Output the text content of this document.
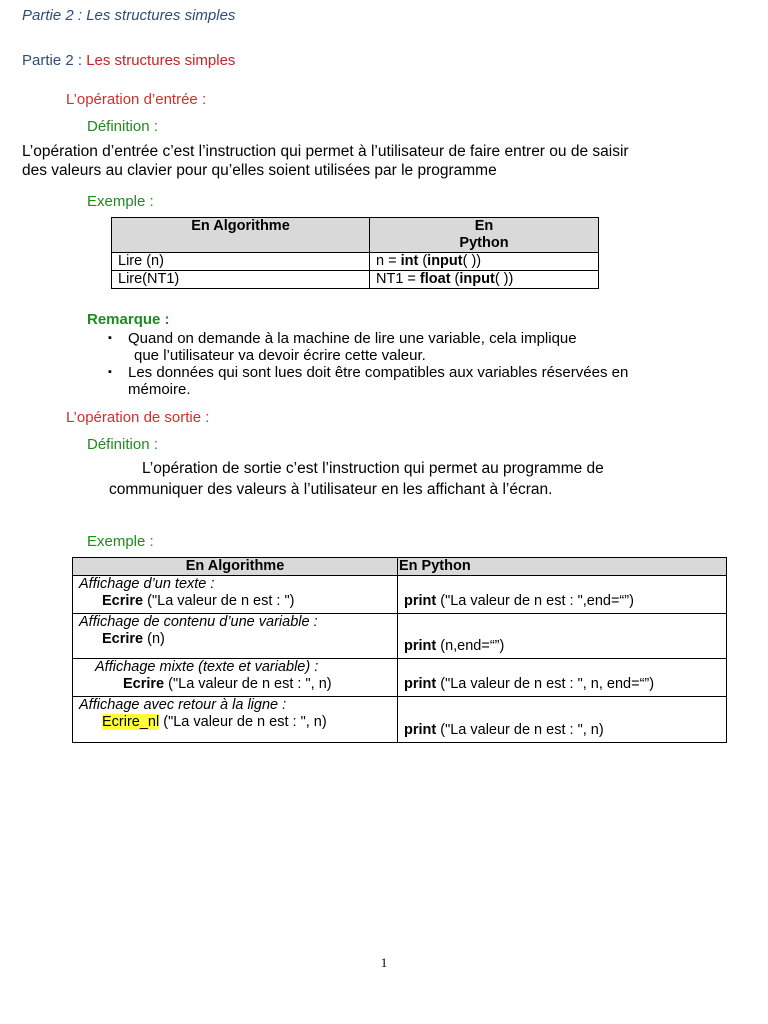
Partie 2 : Les structures simples
Partie 2 : Les structures simples
L’opération d’entrée :
Définition :
L’opération d’entrée c’est l’instruction qui permet à l’utilisateur de faire entrer ou de saisir
des valeurs au clavier pour qu’elles soient utilisées par le programme
Exemple :
En Algorithme	En
Python

Lire (n)	n = int (input( ))
Lire(NT1)	NT1 = float (input( ))
Remarque :
▪ Quand on demande à la machine de lire une variable, cela implique
que l’utilisateur va devoir écrire cette valeur.
▪ Les données qui sont lues doit être compatibles aux variables réservées en
mémoire.
L’opération de sortie :
Définition :
L’opération de sortie c’est l’instruction qui permet au programme de
communiquer des valeurs à l’utilisateur en les affichant à l’écran.
Exemple :
En Algorithme	En Python

Affichage d’un texte :
Ecrire ("La valeur de n est : ")	print ("La valeur de n est : ",end=“”)

Affichage de contenu d’une variable :
Ecrire (n)	print (n,end=“”)

Affichage mixte (texte et variable) :
Ecrire ("La valeur de n est : ", n)	print ("La valeur de n est : ", n, end=“”)

Affichage avec retour à la ligne :
Ecrire_nl ("La valeur de n est : ", n)	print ("La valeur de n est : ", n)
1
